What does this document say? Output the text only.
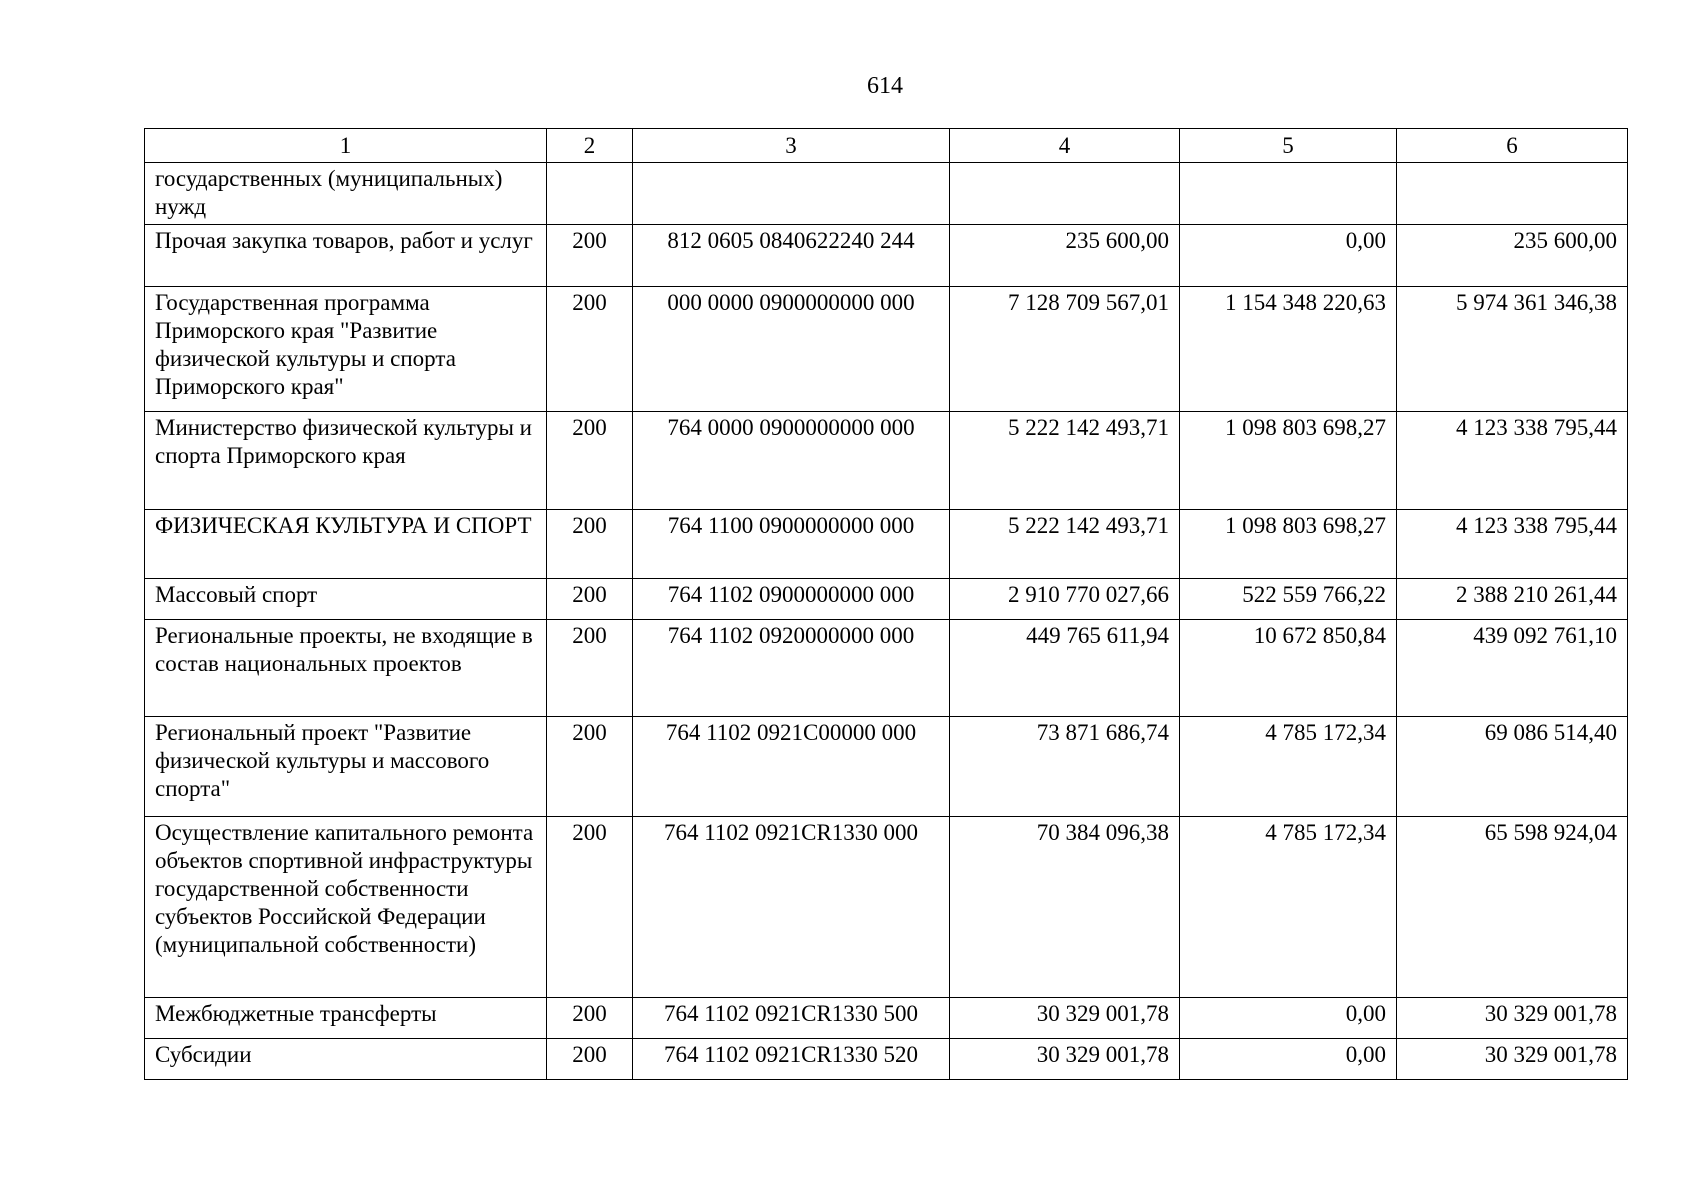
614
1	2	3	4	5	6
государственных (муниципальных) нужд					
Прочая закупка товаров, работ и услуг	200	812 0605 0840622240 244	235 600,00	0,00	235 600,00
Государственная программа Приморского края "Развитие физической культуры и спорта Приморского края"	200	000 0000 0900000000 000	7 128 709 567,01	1 154 348 220,63	5 974 361 346,38
Министерство физической культуры и спорта Приморского края	200	764 0000 0900000000 000	5 222 142 493,71	1 098 803 698,27	4 123 338 795,44
ФИЗИЧЕСКАЯ КУЛЬТУРА И СПОРТ	200	764 1100 0900000000 000	5 222 142 493,71	1 098 803 698,27	4 123 338 795,44
Массовый спорт	200	764 1102 0900000000 000	2 910 770 027,66	522 559 766,22	2 388 210 261,44
Региональные проекты, не входящие в состав национальных проектов	200	764 1102 0920000000 000	449 765 611,94	10 672 850,84	439 092 761,10
Региональный проект "Развитие физической культуры и массового спорта"	200	764 1102 0921С00000 000	73 871 686,74	4 785 172,34	69 086 514,40
Осуществление капитального ремонта объектов спортивной инфраструктуры государственной собственности субъектов Российской Федерации (муниципальной собственности)	200	764 1102 0921CR1330 000	70 384 096,38	4 785 172,34	65 598 924,04
Межбюджетные трансферты	200	764 1102 0921CR1330 500	30 329 001,78	0,00	30 329 001,78
Субсидии	200	764 1102 0921CR1330 520	30 329 001,78	0,00	30 329 001,78
